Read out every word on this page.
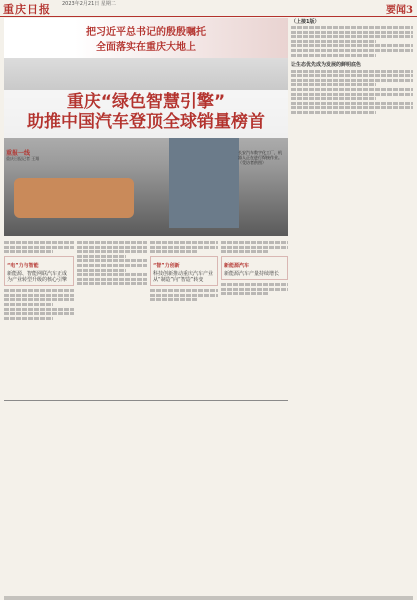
重庆日报 2023年2月21日 星期二
要闻3
把习近平总书记的殷殷嘱托
全面落实在重庆大地上
重庆“绿色智慧引擎”
助推中国汽车登顶全球销量榜首
重报一线
重庆日报记者 王翔
长安汽车数字化工厂，机器人正在进行焊接作业。（受访者供图）
“电”力与智能
新能源、智能网联汽车正成为产业转型升级的核心引擎
“智”力创新
科技创新推动重庆汽车产业从“制造”向“智造”转变
新能源汽车
新能源汽车产量持续增长
（上接1版）
让生态优先成为发展的鲜明底色
